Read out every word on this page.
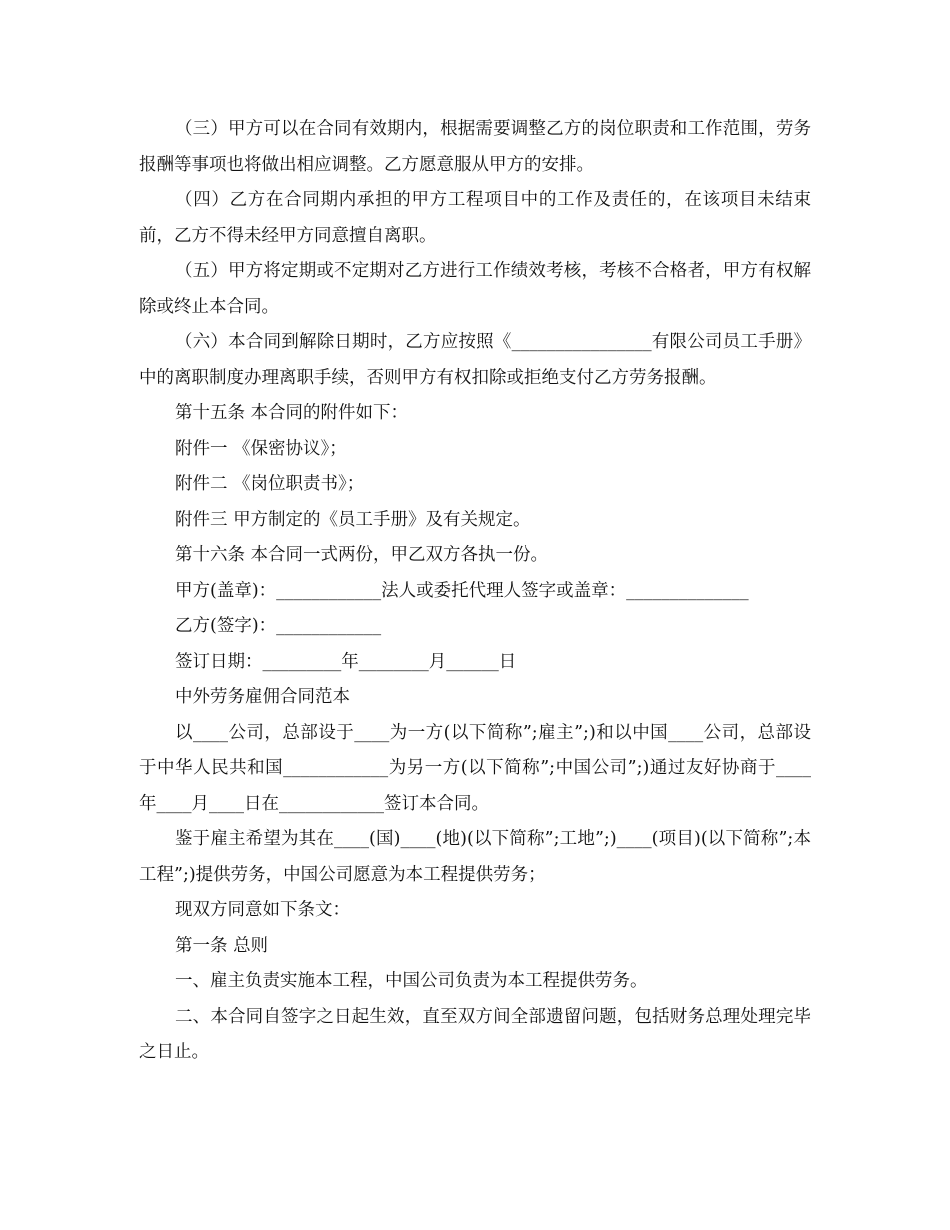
（三）甲方可以在合同有效期内，根据需要调整乙方的岗位职责和工作范围，劳务报酬等事项也将做出相应调整。乙方愿意服从甲方的安排。

（四）乙方在合同期内承担的甲方工程项目中的工作及责任的，在该项目未结束前，乙方不得未经甲方同意擅自离职。

（五）甲方将定期或不定期对乙方进行工作绩效考核，考核不合格者，甲方有权解除或终止本合同。

（六）本合同到解除日期时，乙方应按照《________________有限公司员工手册》中的离职制度办理离职手续，否则甲方有权扣除或拒绝支付乙方劳务报酬。

第十五条 本合同的附件如下：

附件一 《保密协议》；

附件二 《岗位职责书》；

附件三 甲方制定的《员工手册》及有关规定。

第十六条 本合同一式两份，甲乙双方各执一份。

甲方(盖章)：____________法人或委托代理人签字或盖章：______________

乙方(签字)：____________

签订日期：_________年________月______日

中外劳务雇佣合同范本

以____公司，总部设于____为一方(以下简称”;雇主”;)和以中国____公司，总部设于中华人民共和国____________为另一方(以下简称”;中国公司”;)通过友好协商于____年____月____日在____________签订本合同。

鉴于雇主希望为其在____(国)____(地)(以下简称”;工地”;)____(项目)(以下简称”;本工程”;)提供劳务，中国公司愿意为本工程提供劳务；

现双方同意如下条文：

第一条 总则

一、雇主负责实施本工程，中国公司负责为本工程提供劳务。

二、本合同自签字之日起生效，直至双方间全部遗留问题，包括财务总理处理完毕之日止。
